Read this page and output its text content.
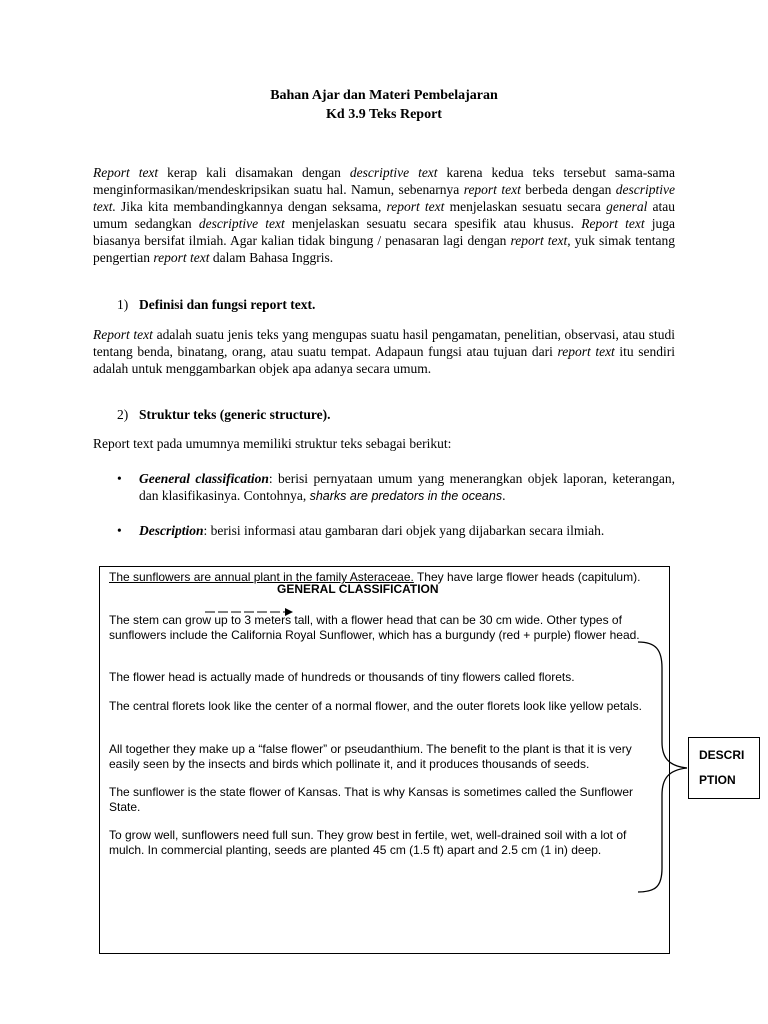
Bahan Ajar dan Materi Pembelajaran
Kd 3.9 Teks Report
Report text kerap kali disamakan dengan descriptive text karena kedua teks tersebut sama-sama menginformasikan/mendeskripsikan suatu hal. Namun, sebenarnya report text berbeda dengan descriptive text. Jika kita membandingkannya dengan seksama, report text menjelaskan sesuatu secara general atau umum sedangkan descriptive text menjelaskan sesuatu secara spesifik atau khusus. Report text juga biasanya bersifat ilmiah. Agar kalian tidak bingung / penasaran lagi dengan report text, yuk simak tentang pengertian report text dalam Bahasa Inggris.
1) Definisi dan fungsi report text.
Report text adalah suatu jenis teks yang mengupas suatu hasil pengamatan, penelitian, observasi, atau studi tentang benda, binatang, orang, atau suatu tempat. Adapaun fungsi atau tujuan dari report text itu sendiri adalah untuk menggambarkan objek apa adanya secara umum.
2) Struktur teks (generic structure).
Report text pada umumnya memiliki struktur teks sebagai berikut:
• Geeneral classification: berisi pernyataan umum yang menerangkan objek laporan, keterangan, dan klasifikasinya. Contohnya, sharks are predators in the oceans.
• Description: berisi informasi atau gambaran dari objek yang dijabarkan secara ilmiah.
The sunflowers are annual plant in the family Asteraceae. They have large flower heads (capitulum).
GENERAL CLASSIFICATION
The stem can grow up to 3 meters tall, with a flower head that can be 30 cm wide. Other types of sunflowers include the California Royal Sunflower, which has a burgundy (red + purple) flower head.
The flower head is actually made of hundreds or thousands of tiny flowers called florets.
The central florets look like the center of a normal flower, and the outer florets look like yellow petals.
All together they make up a “false flower” or pseudanthium. The benefit to the plant is that it is very easily seen by the insects and birds which pollinate it, and it produces thousands of seeds.
The sunflower is the state flower of Kansas. That is why Kansas is sometimes called the Sunflower State.
To grow well, sunflowers need full sun. They grow best in fertile, wet, well-drained soil with a lot of mulch. In commercial planting, seeds are planted 45 cm (1.5 ft) apart and 2.5 cm (1 in) deep.
DESCRI
PTION
